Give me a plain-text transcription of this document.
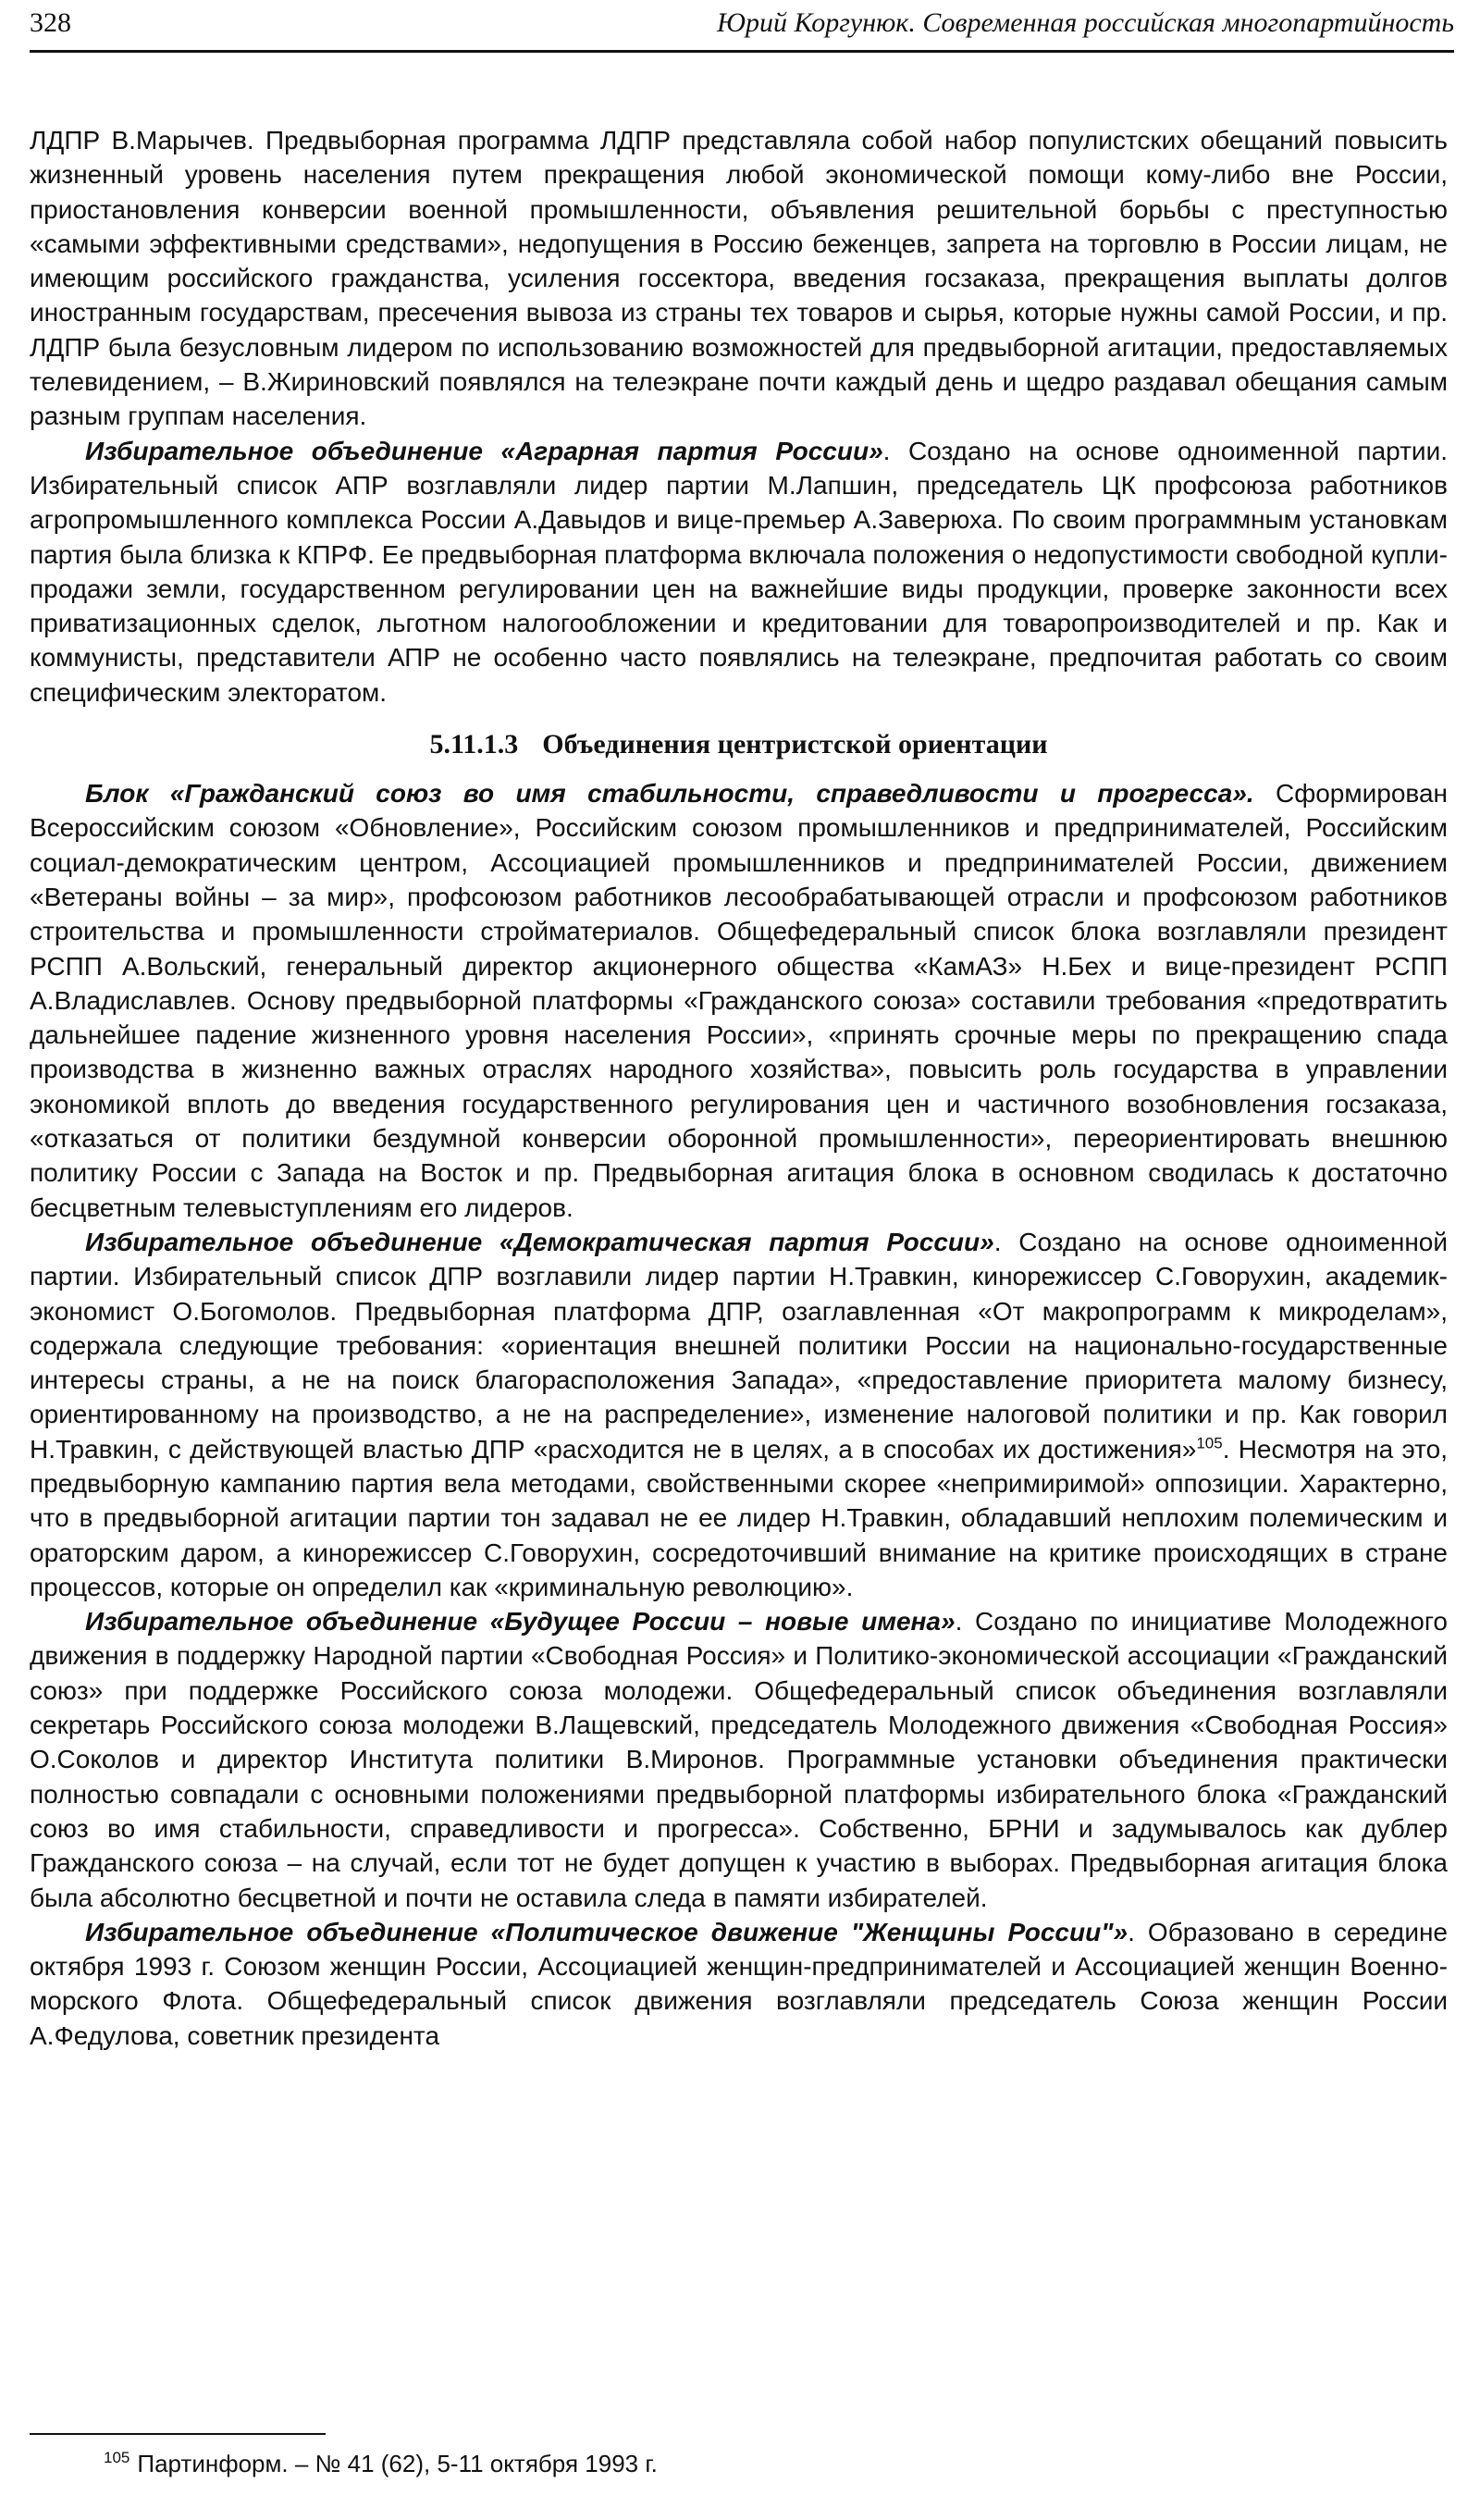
328	Юрий Коргунюк. Современная российская многопартийность

ЛДПР В.Марычев. Предвыборная программа ЛДПР представляла собой набор популистских обещаний повысить жизненный уровень населения путем прекращения любой экономической помощи кому-либо вне России, приостановления конверсии военной промышленности, объявления решительной борьбы с преступностью «самыми эффективными средствами», недопущения в Россию беженцев, запрета на торговлю в России лицам, не имеющим российского гражданства, усиления госсектора, введения госзаказа, прекращения выплаты долгов иностранным государствам, пресечения вывоза из страны тех товаров и сырья, которые нужны самой России, и пр. ЛДПР была безусловным лидером по использованию возможностей для предвыборной агитации, предоставляемых телевидением, – В.Жириновский появлялся на телеэкране почти каждый день и щедро раздавал обещания самым разным группам населения.

Избирательное объединение «Аграрная партия России». Создано на основе одноименной партии. Избирательный список АПР возглавляли лидер партии М.Лапшин, председатель ЦК профсоюза работников агропромышленного комплекса России А.Давыдов и вице-премьер А.Заверюха. По своим программным установкам партия была близка к КПРФ. Ее предвыборная платформа включала положения о недопустимости свободной купли-продажи земли, государственном регулировании цен на важнейшие виды продукции, проверке законности всех приватизационных сделок, льготном налогообложении и кредитовании для товаропроизводителей и пр. Как и коммунисты, представители АПР не особенно часто появлялись на телеэкране, предпочитая работать со своим специфическим электоратом.

5.11.1.3 Объединения центристской ориентации

Блок «Гражданский союз во имя стабильности, справедливости и прогресса». Сформирован Всероссийским союзом «Обновление», Российским союзом промышленников и предпринимателей, Российским социал-демократическим центром, Ассоциацией промышленников и предпринимателей России, движением «Ветераны войны – за мир», профсоюзом работников лесообрабатывающей отрасли и профсоюзом работников строительства и промышленности стройматериалов. Общефедеральный список блока возглавляли президент РСПП А.Вольский, генеральный директор акционерного общества «КамАЗ» Н.Бех и вице-президент РСПП А.Владиславлев. Основу предвыборной платформы «Гражданского союза» составили требования «предотвратить дальнейшее падение жизненного уровня населения России», «принять срочные меры по прекращению спада производства в жизненно важных отраслях народного хозяйства», повысить роль государства в управлении экономикой вплоть до введения государственного регулирования цен и частичного возобновления госзаказа, «отказаться от политики бездумной конверсии оборонной промышленности», переориентировать внешнюю политику России с Запада на Восток и пр. Предвыборная агитация блока в основном сводилась к достаточно бесцветным телевыступлениям его лидеров.

Избирательное объединение «Демократическая партия России». Создано на основе одноименной партии. Избирательный список ДПР возглавили лидер партии Н.Травкин, кинорежиссер С.Говорухин, академик-экономист О.Богомолов. Предвыборная платформа ДПР, озаглавленная «От макропрограмм к микроделам», содержала следующие требования: «ориентация внешней политики России на национально-государственные интересы страны, а не на поиск благорасположения Запада», «предоставление приоритета малому бизнесу, ориентированному на производство, а не на распределение», изменение налоговой политики и пр. Как говорил Н.Травкин, с действующей властью ДПР «расходится не в целях, а в способах их достижения»$^{105}$. Несмотря на это, предвыборную кампанию партия вела методами, свойственными скорее «непримиримой» оппозиции. Характерно, что в предвыборной агитации партии тон задавал не ее лидер Н.Травкин, обладавший неплохим полемическим и ораторским даром, а кинорежиссер С.Говорухин, сосредоточивший внимание на критике происходящих в стране процессов, которые он определил как «криминальную революцию».

Избирательное объединение «Будущее России – новые имена». Создано по инициативе Молодежного движения в поддержку Народной партии «Свободная Россия» и Политико-экономической ассоциации «Гражданский союз» при поддержке Российского союза молодежи. Общефедеральный список объединения возглавляли секретарь Российского союза молодежи В.Лащевский, председатель Молодежного движения «Свободная Россия» О.Соколов и директор Института политики В.Миронов. Программные установки объединения практически полностью совпадали с основными положениями предвыборной платформы избирательного блока «Гражданский союз во имя стабильности, справедливости и прогресса». Собственно, БРНИ и задумывалось как дублер Гражданского союза – на случай, если тот не будет допущен к участию в выборах. Предвыборная агитация блока была абсолютно бесцветной и почти не оставила следа в памяти избирателей.

Избирательное объединение «Политическое движение "Женщины России"». Образовано в середине октября 1993 г. Союзом женщин России, Ассоциацией женщин-предпринимателей и Ассоциацией женщин Военно-морского Флота. Общефедеральный список движения возглавляли председатель Союза женщин России А.Федулова, советник президента

$^{105}$ Партинформ. – № 41 (62), 5-11 октября 1993 г.
